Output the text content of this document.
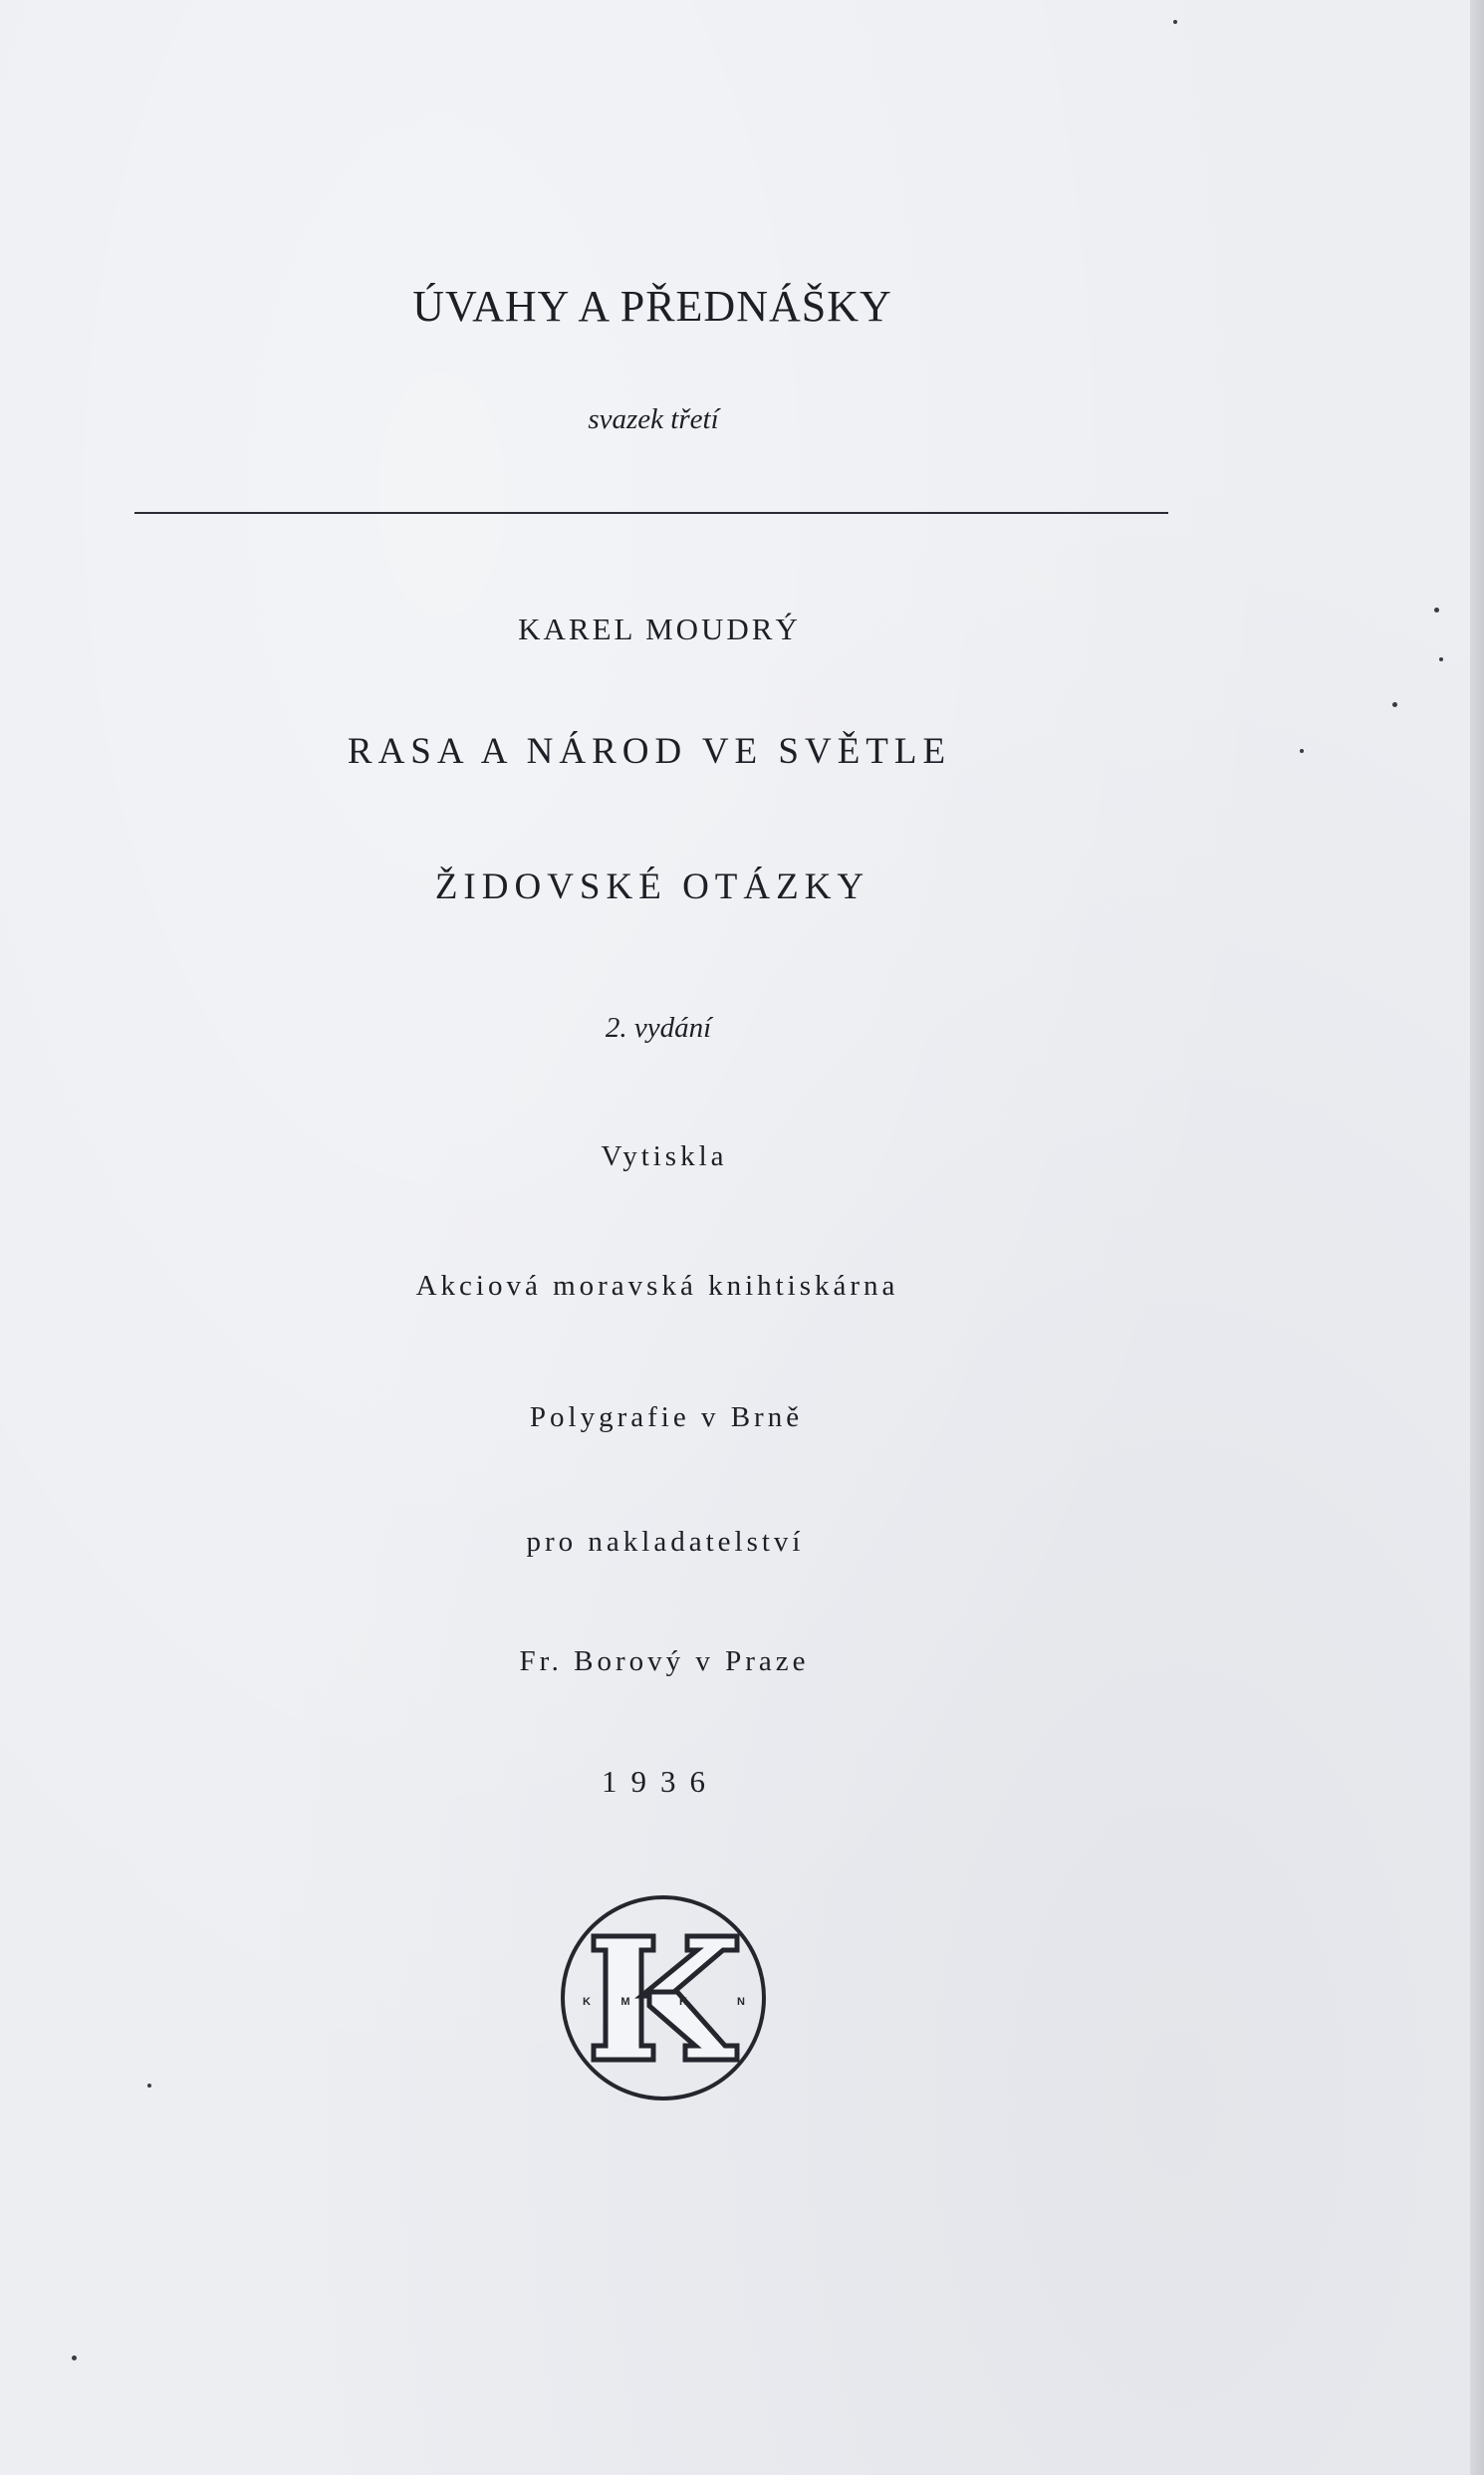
ÚVAHY A PŘEDNÁŠKY
svazek třetí
KAREL MOUDRÝ
RASA A NÁROD VE SVĚTLE
ŽIDOVSKÉ OTÁZKY
2. vydání
Vytiskla
Akciová moravská knihtiskárna
Polygrafie v Brně
pro nakladatelství
Fr. Borový v Praze
1936
K	M	K	N
